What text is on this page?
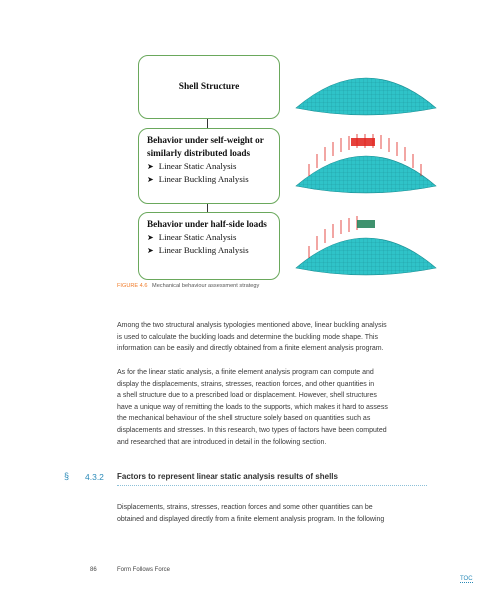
Shell Structure
Behavior under self-weight or
similarly distributed loads
➤ Linear Static Analysis
➤ Linear Buckling Analysis
Behavior under half-side loads
➤ Linear Static Analysis
➤ Linear Buckling Analysis
FIGURE 4.6 Mechanical behaviour assessment strategy
Among the two structural analysis typologies mentioned above, linear buckling analysis
is used to calculate the buckling loads and determine the buckling mode shape. This
information can be easily and directly obtained from a finite element analysis program.
As for the linear static analysis, a finite element analysis program can compute and
display the displacements, strains, stresses, reaction forces, and other quantities in
a shell structure due to a prescribed load or displacement. However, shell structures
have a unique way of remitting the loads to the supports, which makes it hard to assess
the mechanical behaviour of the shell structure solely based on quantities such as
displacements and stresses. In this research, two types of factors have been computed
and researched that are introduced in detail in the following section.
§ 4.3.2 Factors to represent linear static analysis results of shells
Displacements, strains, stresses, reaction forces and some other quantities can be
obtained and displayed directly from a finite element analysis program. In the following
86	Form Follows Force
TOC
